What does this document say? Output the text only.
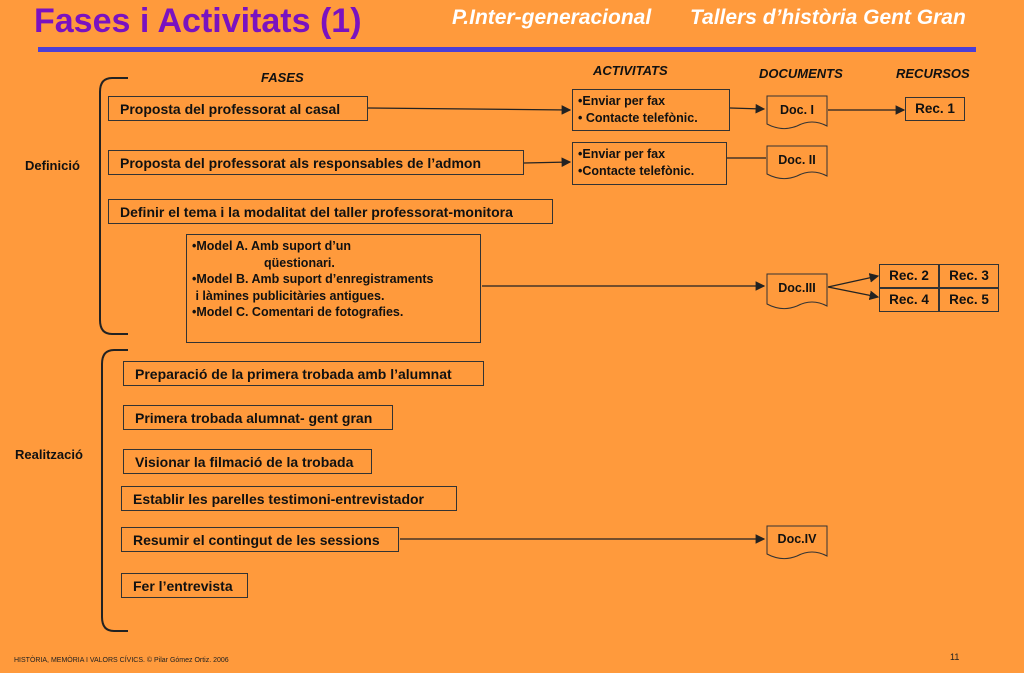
Fases i Activitats (1)	P.Inter-generacional Tallers d’història Gent Gran
FASES	ACTIVITATS	DOCUMENTS	RECURSOS
Definició
Realització
Proposta del professorat al casal
Proposta del professorat als responsables de l’admon
Definir el tema i la modalitat del taller professorat-monitora
Preparació de la primera trobada amb l’alumnat
Primera trobada alumnat- gent gran
Visionar la filmació de la trobada
Establir les parelles testimoni-entrevistador
Resumir el contingut de les sessions
Fer l’entrevista
•Enviar per fax
• Contacte telefònic.
•Enviar per fax
•Contacte telefònic.
•Model A. Amb suport d’un
qüestionari.
•Model B. Amb suport d’enregistraments
i làmines publicitàries antigues.
•Model C. Comentari de fotografies.
Doc. I
Doc. II
Doc.III
Doc.IV
Rec. 1
Rec. 2	Rec. 3
Rec. 4	Rec. 5
HISTÒRIA, MEMÒRIA I VALORS CÍVICS. © Pilar Gómez Ortiz. 2006	11
